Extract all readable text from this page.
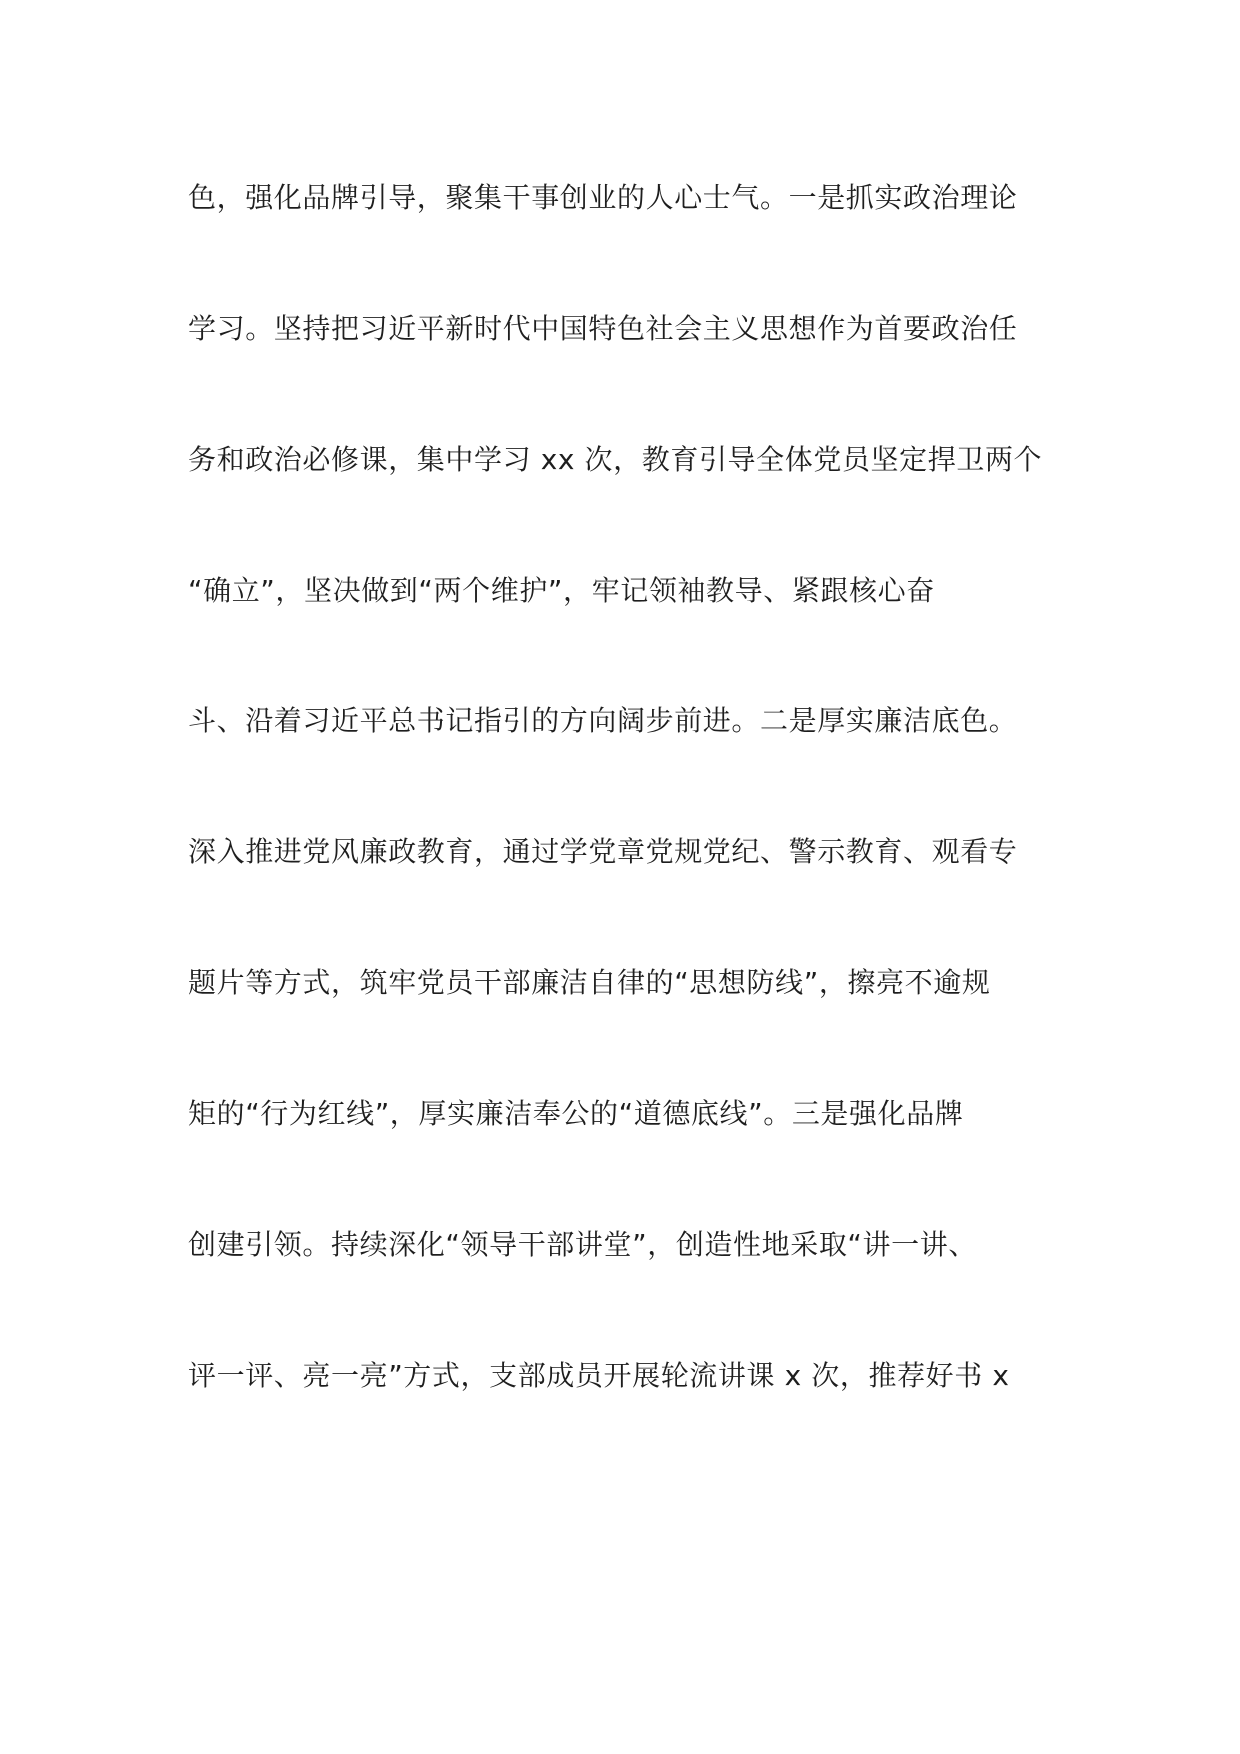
色，强化品牌引导，聚集干事创业的人心士气。一是抓实政治理论
学习。坚持把习近平新时代中国特色社会主义思想作为首要政治任
务和政治必修课，集中学习 xx 次，教育引导全体党员坚定捍卫两个
“确立”，坚决做到“两个维护”，牢记领袖教导、紧跟核心奋
斗、沿着习近平总书记指引的方向阔步前进。二是厚实廉洁底色。
深入推进党风廉政教育，通过学党章党规党纪、警示教育、观看专
题片等方式，筑牢党员干部廉洁自律的“思想防线”，擦亮不逾规
矩的“行为红线”，厚实廉洁奉公的“道德底线”。三是强化品牌
创建引领。持续深化“领导干部讲堂”，创造性地采取“讲一讲、
评一评、亮一亮”方式，支部成员开展轮流讲课 x 次，推荐好书 x
